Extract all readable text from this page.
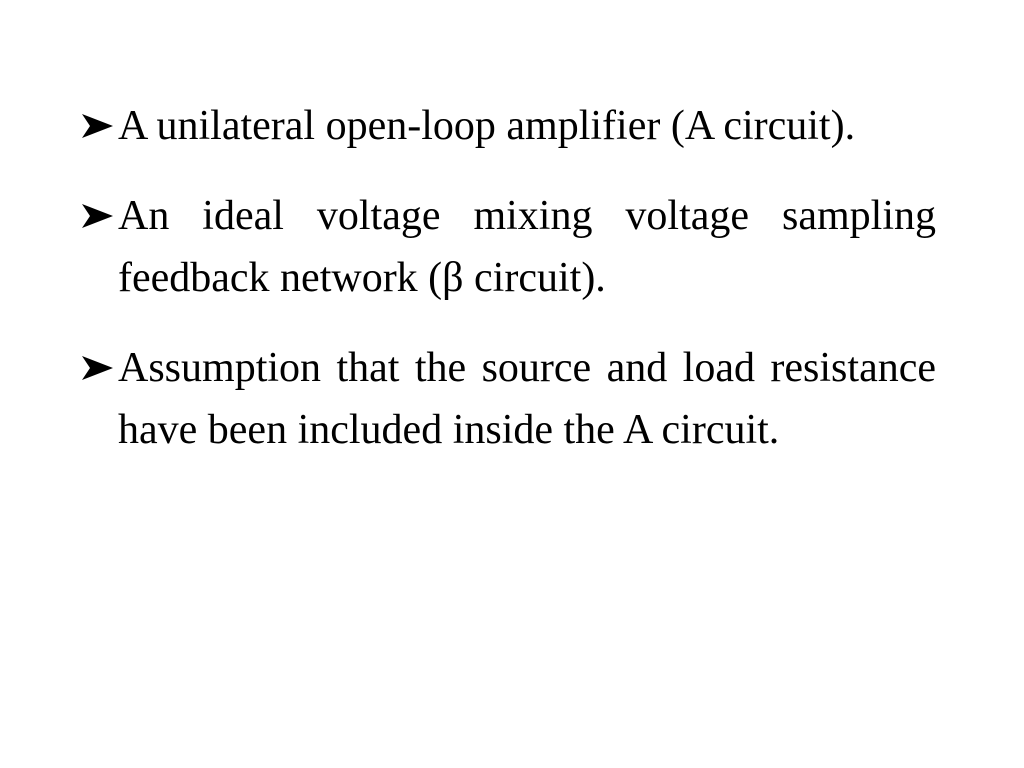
A unilateral open-loop amplifier (A circuit).
An ideal voltage mixing voltage sampling feedback network (β circuit).
Assumption that the source and load resistance have been included inside the A circuit.
